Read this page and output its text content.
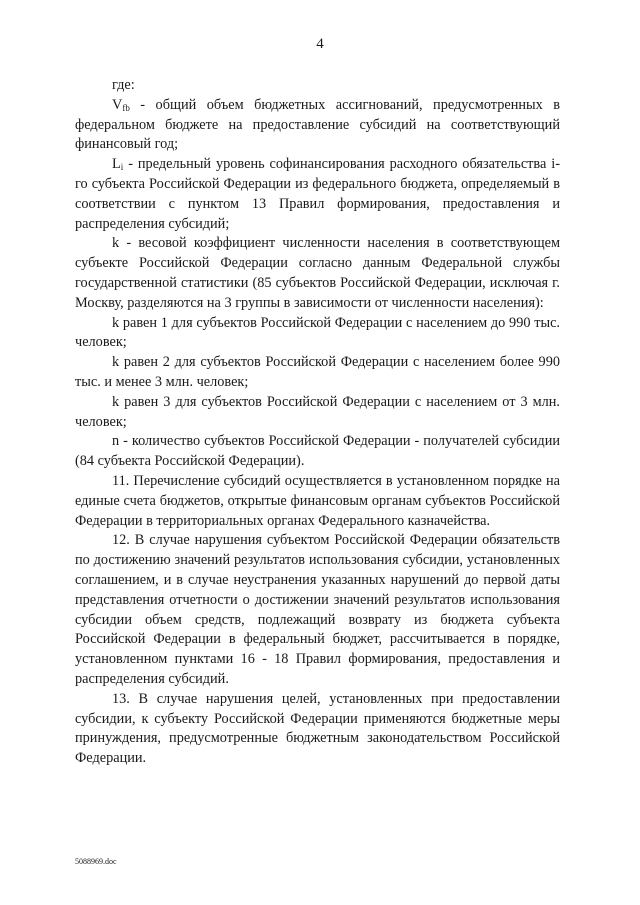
4

где:

$V_{fb}$ - общий объем бюджетных ассигнований, предусмотренных в федеральном бюджете на предоставление субсидий на соответствующий финансовый год;

$L_i$ - предельный уровень софинансирования расходного обязательства i-го субъекта Российской Федерации из федерального бюджета, определяемый в соответствии с пунктом 13 Правил формирования, предоставления и распределения субсидий;

k - весовой коэффициент численности населения в соответствующем субъекте Российской Федерации согласно данным Федеральной службы государственной статистики (85 субъектов Российской Федерации, исключая г. Москву, разделяются на 3 группы в зависимости от численности населения):

k равен 1 для субъектов Российской Федерации с населением до 990 тыс. человек;

k равен 2 для субъектов Российской Федерации с населением более 990 тыс. и менее 3 млн. человек;

k равен 3 для субъектов Российской Федерации с населением от 3 млн. человек;

n - количество субъектов Российской Федерации - получателей субсидии (84 субъекта Российской Федерации).

11. Перечисление субсидий осуществляется в установленном порядке на единые счета бюджетов, открытые финансовым органам субъектов Российской Федерации в территориальных органах Федерального казначейства.

12. В случае нарушения субъектом Российской Федерации обязательств по достижению значений результатов использования субсидии, установленных соглашением, и в случае неустранения указанных нарушений до первой даты представления отчетности о достижении значений результатов использования субсидии объем средств, подлежащий возврату из бюджета субъекта Российской Федерации в федеральный бюджет, рассчитывается в порядке, установленном пунктами 16 - 18 Правил формирования, предоставления и распределения субсидий.

13. В случае нарушения целей, установленных при предоставлении субсидии, к субъекту Российской Федерации применяются бюджетные меры принуждения, предусмотренные бюджетным законодательством Российской Федерации.

5088969.doc
